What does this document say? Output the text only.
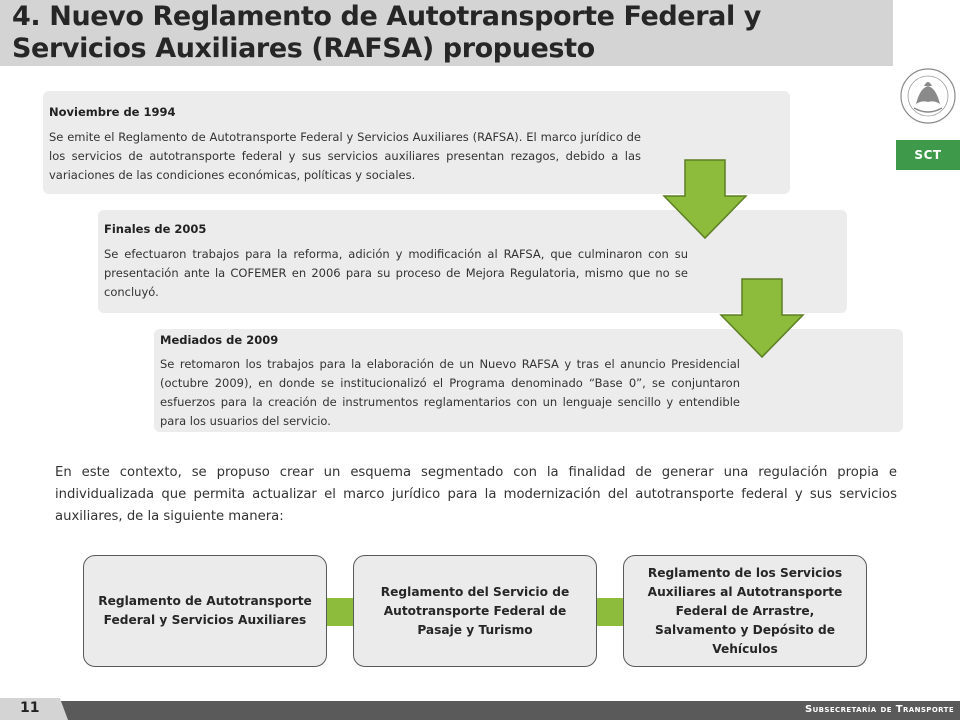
4. Nuevo Reglamento de Autotransporte Federal y Servicios Auxiliares (RAFSA) propuesto
SCT
Noviembre de 1994
Se emite el Reglamento de Autotransporte Federal y Servicios Auxiliares (RAFSA). El marco jurídico de los servicios de autotransporte federal y sus servicios auxiliares presentan rezagos, debido a las variaciones de las condiciones económicas, políticas y sociales.
Finales de 2005
Se efectuaron trabajos para la reforma, adición y modificación al RAFSA, que culminaron con su presentación ante la COFEMER en 2006 para su proceso de Mejora Regulatoria, mismo que no se concluyó.
Mediados de 2009
Se retomaron los trabajos para la elaboración de un Nuevo RAFSA y tras el anuncio Presidencial (octubre 2009), en donde se institucionalizó el Programa denominado “Base 0”, se conjuntaron esfuerzos para la creación de instrumentos reglamentarios con un lenguaje sencillo y entendible para los usuarios del servicio.
En este contexto, se propuso crear un esquema segmentado con la finalidad de generar una regulación propia e individualizada que permita actualizar el marco jurídico para la modernización del autotransporte federal y sus servicios auxiliares, de la siguiente manera:
Reglamento de Autotransporte Federal y Servicios Auxiliares
Reglamento del Servicio de Autotransporte Federal de Pasaje y Turismo
Reglamento de los Servicios Auxiliares al Autotransporte Federal de Arrastre, Salvamento y Depósito de Vehículos
11	Subsecretaría de Transporte
